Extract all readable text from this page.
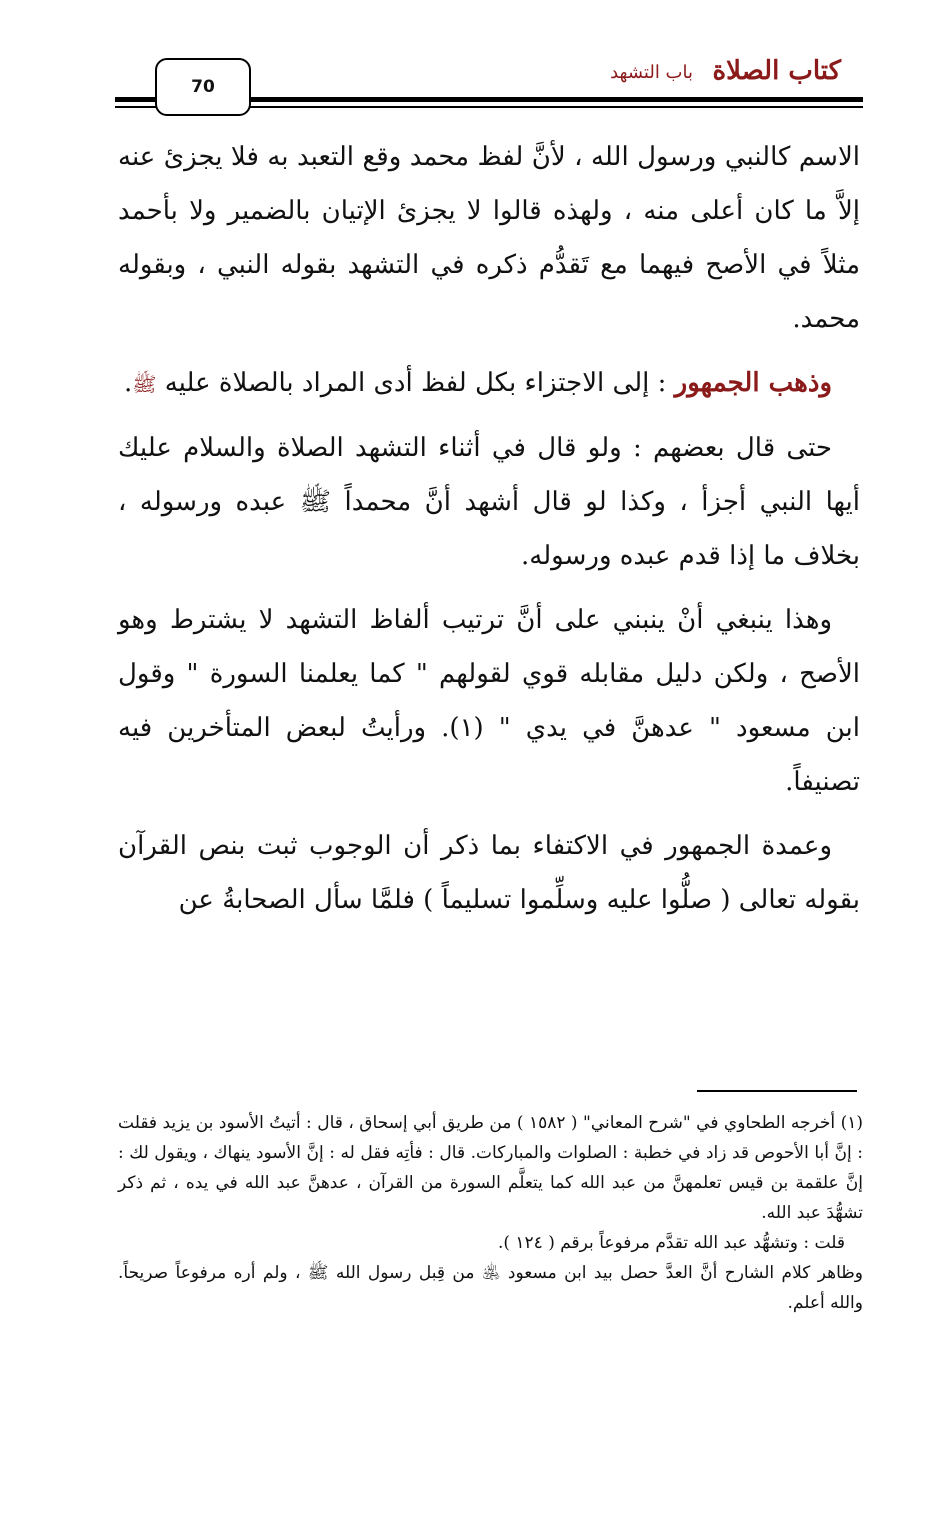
كتاب الصلاة
باب التشهد
70

الاسم كالنبي ورسول الله ، لأنَّ لفظ محمد وقع التعبد به فلا يجزئ عنه إلاَّ ما كان أعلى منه ، ولهذه قالوا لا يجزئ الإتيان بالضمير ولا بأحمد مثلاً في الأصح فيهما مع تَقدُّم ذكره في التشهد بقوله النبي ، وبقوله محمد.

وذهب الجمهور : إلى الاجتزاء بكل لفظ أدى المراد بالصلاة عليه ﷺ.

حتى قال بعضهم : ولو قال في أثناء التشهد الصلاة والسلام عليك أيها النبي أجزأ ، وكذا لو قال أشهد أنَّ محمداً ﷺ عبده ورسوله ، بخلاف ما إذا قدم عبده ورسوله.

وهذا ينبغي أنْ ينبني على أنَّ ترتيب ألفاظ التشهد لا يشترط وهو الأصح ، ولكن دليل مقابله قوي لقولهم " كما يعلمنا السورة " وقول ابن مسعود " عدهنَّ في يدي " (١). ورأيتُ لبعض المتأخرين فيه تصنيفاً.

وعمدة الجمهور في الاكتفاء بما ذكر أن الوجوب ثبت بنص القرآن بقوله تعالى ( صلُّوا عليه وسلِّموا تسليماً ) فلمَّا سأل الصحابةُ عن

(١) أخرجه الطحاوي في "شرح المعاني" ( ١٥٨٢ ) من طريق أبي إسحاق ، قال : أتيتُ الأسود بن يزيد فقلت : إنَّ أبا الأحوص قد زاد في خطبة : الصلوات والمباركات. قال : فأتِه فقل له : إنَّ الأسود ينهاك ، ويقول لك : إنَّ علقمة بن قيس تعلمهنَّ من عبد الله كما يتعلَّم السورة من القرآن ، عدهنَّ عبد الله في يده ، ثم ذكر تشهُّدَ عبد الله.

قلت : وتشهُّد عبد الله تقدَّم مرفوعاً برقم ( ١٢٤ ).

وظاهر كلام الشارح أنَّ العدَّ حصل بيد ابن مسعود ﵁ من قِبل رسول الله ﷺ ، ولم أره مرفوعاً صريحاً. والله أعلم.
